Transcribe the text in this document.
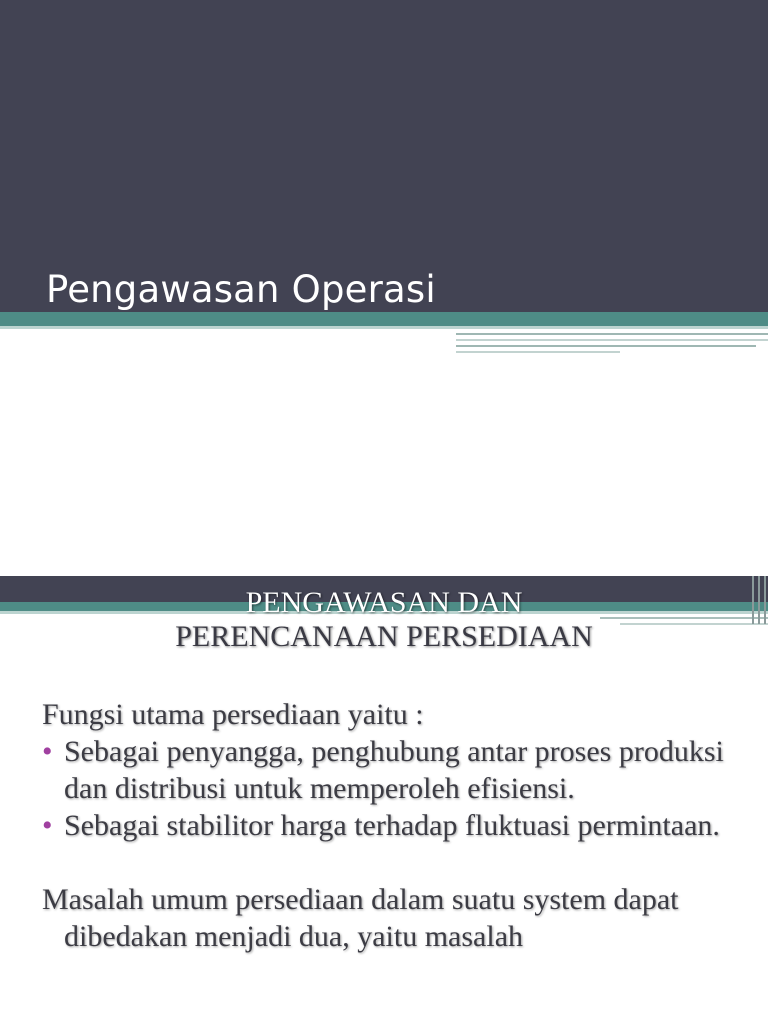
Pengawasan Operasi
PENGAWASAN DAN
PERENCANAAN PERSEDIAAN

Fungsi utama persediaan yaitu :

• Sebagai penyangga, penghubung antar proses produksi dan distribusi untuk memperoleh efisiensi.
• Sebagai stabilitor harga terhadap fluktuasi permintaan.

Masalah umum persediaan dalam suatu system dapat dibedakan menjadi dua, yaitu masalah
